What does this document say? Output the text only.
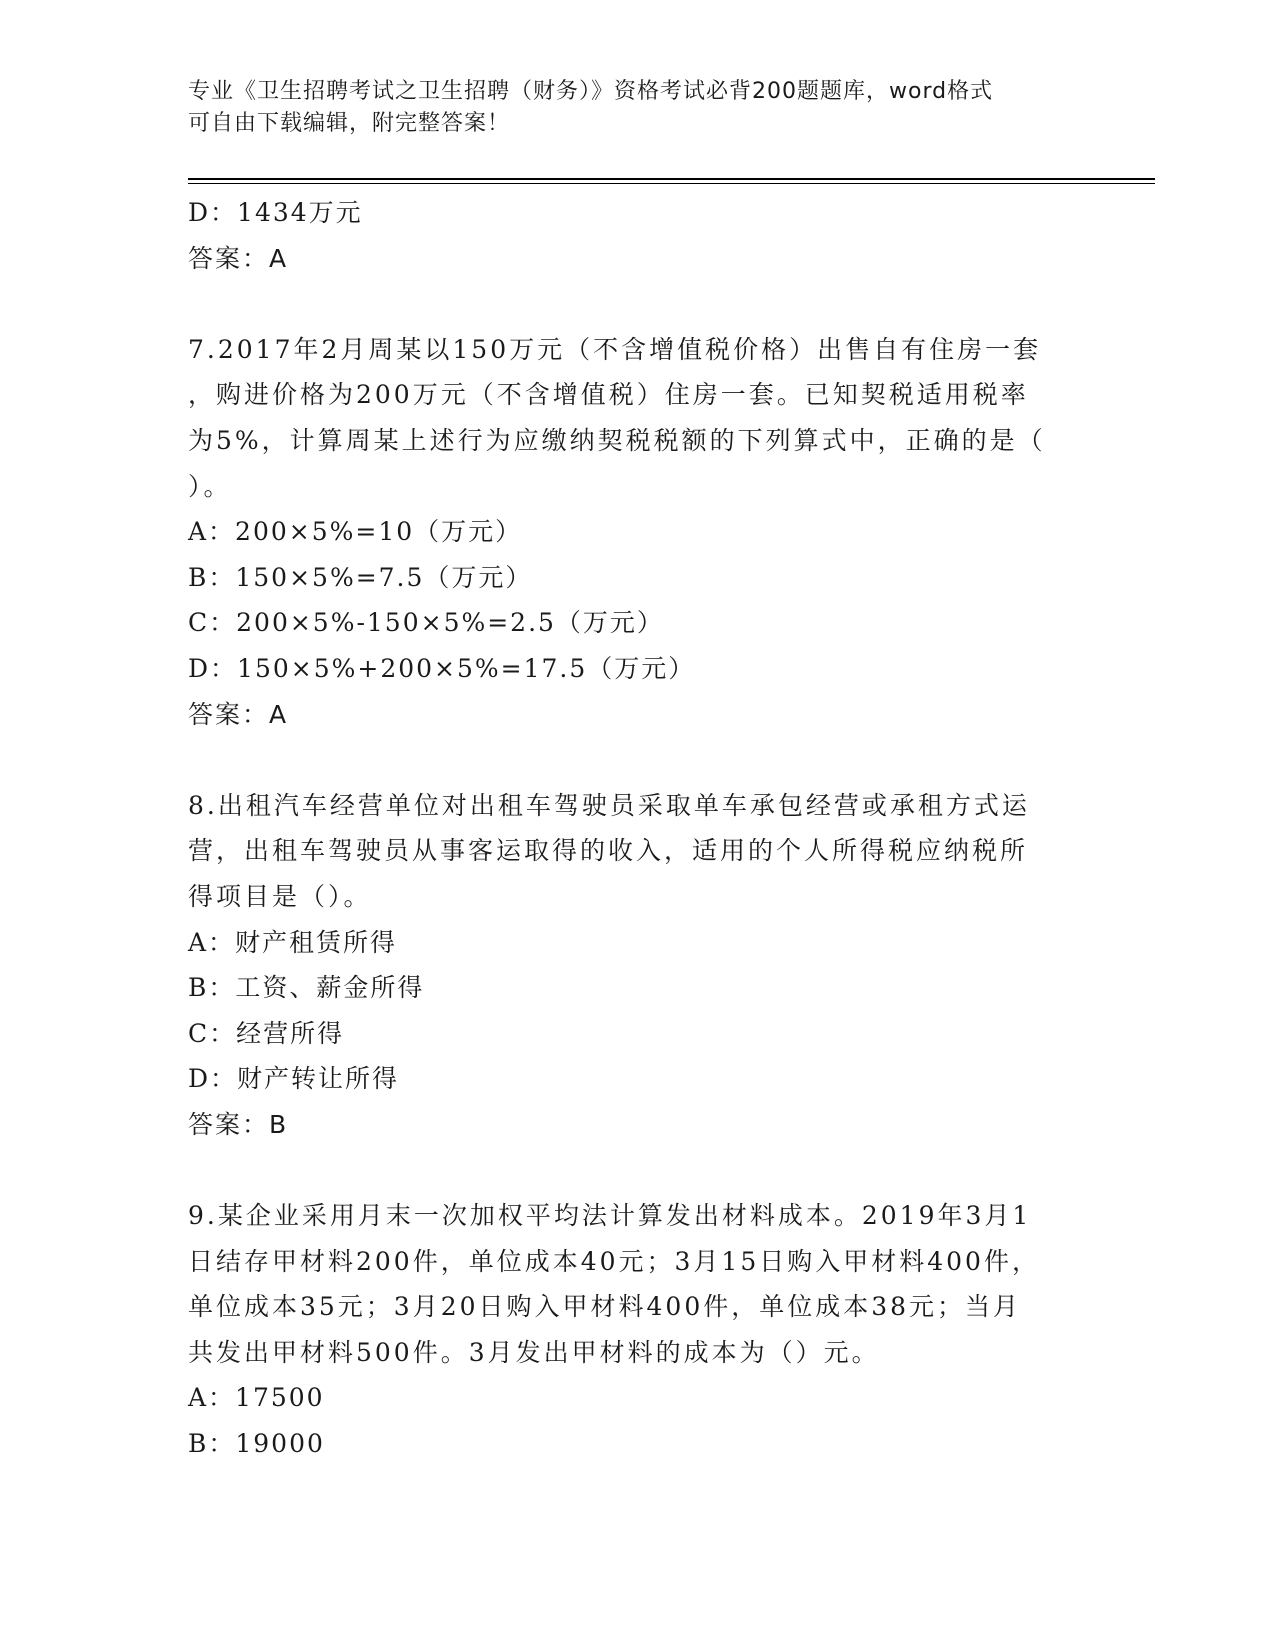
专业《卫生招聘考试之卫生招聘（财务）》资格考试必背200题题库，word格式
可自由下载编辑，附完整答案！
D：1434万元
答案：A
7.2017年2月周某以150万元（不含增值税价格）出售自有住房一套
，购进价格为200万元（不含增值税）住房一套。已知契税适用税率
为5%，计算周某上述行为应缴纳契税税额的下列算式中，正确的是（
）。
A：200×5%=10（万元）
B：150×5%=7.5（万元）
C：200×5%-150×5%=2.5（万元）
D：150×5%+200×5%=17.5（万元）
答案：A
8.出租汽车经营单位对出租车驾驶员采取单车承包经营或承租方式运
营，出租车驾驶员从事客运取得的收入，适用的个人所得税应纳税所
得项目是（）。
A：财产租赁所得
B：工资、薪金所得
C：经营所得
D：财产转让所得
答案：B
9.某企业采用月末一次加权平均法计算发出材料成本。2019年3月1
日结存甲材料200件，单位成本40元；3月15日购入甲材料400件，
单位成本35元；3月20日购入甲材料400件，单位成本38元；当月
共发出甲材料500件。3月发出甲材料的成本为（）元。
A：17500
B：19000
